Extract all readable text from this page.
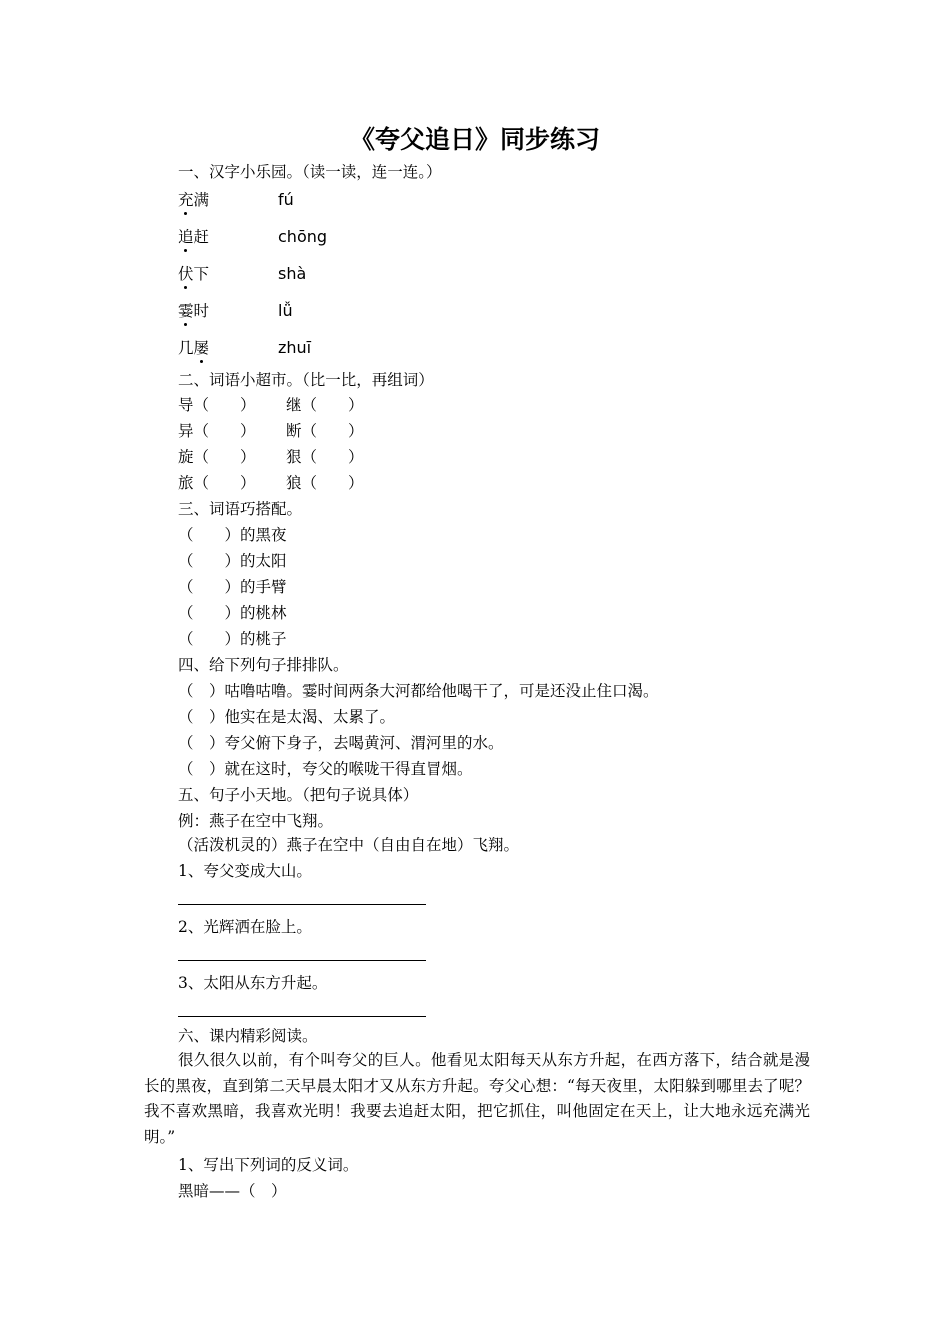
《夸父追日》同步练习
一、汉字小乐园。（读一读，连一连。）
充满	fú
追赶	chōng
伏下	shà
霎时	lǚ
几屡	zhuī
二、词语小超市。（比一比，再组词）
导（　　） 继（　　）
异（　　） 断（　　）
旋（　　） 狠（　　）
旅（　　） 狼（　　）
三、词语巧搭配。
（　　）的黑夜
（　　）的太阳
（　　）的手臂
（　　）的桃林
（　　）的桃子
四、给下列句子排排队。
（　）咕噜咕噜。霎时间两条大河都给他喝干了，可是还没止住口渴。
（　）他实在是太渴、太累了。
（　）夸父俯下身子，去喝黄河、渭河里的水。
（　）就在这时，夸父的喉咙干得直冒烟。
五、句子小天地。（把句子说具体）
例：燕子在空中飞翔。
（活泼机灵的）燕子在空中（自由自在地）飞翔。
1、夸父变成大山。
2、光辉洒在脸上。
3、太阳从东方升起。
六、课内精彩阅读。
很久很久以前，有个叫夸父的巨人。他看见太阳每天从东方升起，在西方落下，结合就是漫长的黑夜，直到第二天早晨太阳才又从东方升起。夸父心想：“每天夜里，太阳躲到哪里去了呢？我不喜欢黑暗，我喜欢光明！我要去追赶太阳，把它抓住，叫他固定在天上，让大地永远充满光明。”
1、写出下列词的反义词。
黑暗——（　）
